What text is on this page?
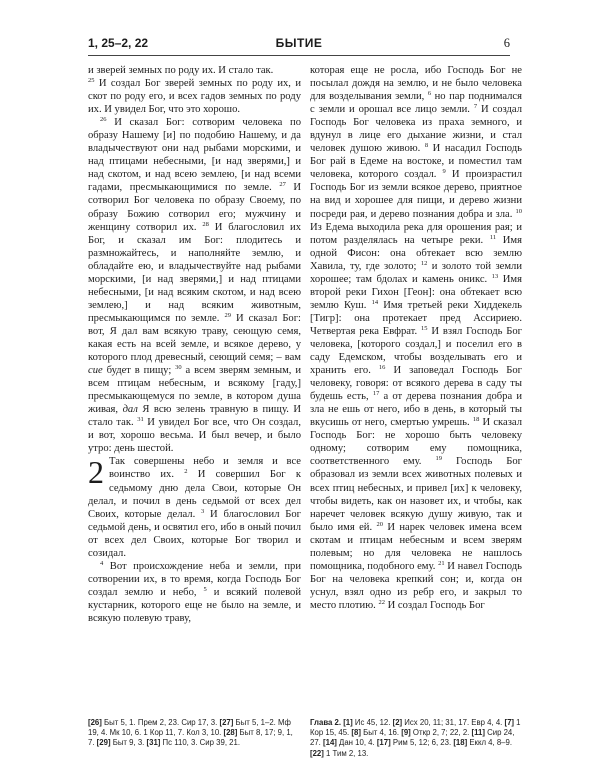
1, 25–2, 22	БЫТИЕ	6

и зверей земных по роду их. И стало так.

$^{25}$ И создал Бог зверей земных по роду их, и скот по роду его, и всех гадов земных по роду их. И увидел Бог, что это хорошо.

$^{26}$ И сказал Бог: сотворим человека по образу Нашему [и] по подобию Нашему, и да владычествуют они над рыбами морскими, и над птицами небесными, [и над зверями,] и над скотом, и над всею землею, [и над всеми гадами, пресмыкающимися по земле. $^{27}$ И сотворил Бог человека по образу Своему, по образу Божию сотворил его; мужчину и женщину сотворил их. $^{28}$ И благословил их Бог, и сказал им Бог: плодитесь и размножайтесь, и наполняйте землю, и обладайте ею, и владычествуйте над рыбами морскими, [и над зверями,] и над птицами небесными, [и над всяким скотом, и над всею землею,] и над всяким животным, пресмыкающимся по земле. $^{29}$ И сказал Бог: вот, Я дал вам всякую траву, сеющую семя, какая есть на всей земле, и всякое дерево, у которого плод древесный, сеющий семя; – вам сие будет в пищу; $^{30}$ а всем зверям земным, и всем птицам небесным, и всякому [гаду,] пресмыкающемуся по земле, в котором душа живая, дал Я всю зелень травную в пищу. И стало так. $^{31}$ И увидел Бог все, что Он создал, и вот, хорошо весьма. И был вечер, и было утро: день шестой.

2 Так совершены небо и земля и все воинство их. $^2$ И совершил Бог к седьмому дню дела Свои, которые Он делал, и почил в день седьмой от всех дел Своих, которые делал. $^3$ И благословил Бог седьмой день, и освятил его, ибо в оный почил от всех дел Своих, которые Бог творил и созидал.

$^4$ Вот происхождение неба и земли, при сотворении их, в то время, когда Господь Бог создал землю и небо, $^5$ и всякий полевой кустарник, которого еще не было на земле, и всякую полевую траву,

которая еще не росла, ибо Господь Бог не посылал дождя на землю, и не было человека для возделывания земли, $^6$ но пар поднимался с земли и орошал все лицо земли. $^7$ И создал Господь Бог человека из праха земного, и вдунул в лице его дыхание жизни, и стал человек душою живою. $^8$ И насадил Господь Бог рай в Едеме на востоке, и поместил там человека, которого создал. $^9$ И произрастил Господь Бог из земли всякое дерево, приятное на вид и хорошее для пищи, и дерево жизни посреди рая, и дерево познания добра и зла. $^{10}$ Из Едема выходила река для орошения рая; и потом разделялась на четыре реки. $^{11}$ Имя одной Фисон: она обтекает всю землю Хавила, ту, где золото; $^{12}$ и золото той земли хорошее; там бдолах и камень оникс. $^{13}$ Имя второй реки Гихон [Геон]: она обтекает всю землю Куш. $^{14}$ Имя третьей реки Хиддекель [Тигр]: она протекает пред Ассириею. Четвертая река Евфрат. $^{15}$ И взял Господь Бог человека, [которого создал,] и поселил его в саду Едемском, чтобы возделывать его и хранить его. $^{16}$ И заповедал Господь Бог человеку, говоря: от всякого дерева в саду ты будешь есть, $^{17}$ а от дерева познания добра и зла не ешь от него, ибо в день, в который ты вкусишь от него, смертью умрешь. $^{18}$ И сказал Господь Бог: не хорошо быть человеку одному; сотворим ему помощника, соответственного ему. $^{19}$ Господь Бог образовал из земли всех животных полевых и всех птиц небесных, и привел [их] к человеку, чтобы видеть, как он назовет их, и чтобы, как наречет человек всякую душу живую, так и было имя ей. $^{20}$ И нарек человек имена всем скотам и птицам небесным и всем зверям полевым; но для человека не нашлось помощника, подобного ему. $^{21}$ И навел Господь Бог на человека крепкий сон; и, когда он уснул, взял одно из ребр его, и закрыл то место плотию. $^{22}$ И создал Господь Бог

[26] Быт 5, 1. Прем 2, 23. Сир 17, 3. [27] Быт 5, 1–2. Мф 19, 4. Мк 10, 6. 1 Кор 11, 7. Кол 3, 10. [28] Быт 8, 17; 9, 1, 7. [29] Быт 9, 3. [31] Пс 110, 3. Сир 39, 21.
Глава 2. [1] Ис 45, 12. [2] Исх 20, 11; 31, 17. Евр 4, 4. [7] 1 Кор 15, 45. [8] Быт 4, 16. [9] Откр 2, 7; 22, 2. [11] Сир 24, 27. [14] Дан 10, 4. [17] Рим 5, 12; 6, 23. [18] Еккл 4, 8–9. [22] 1 Тим 2, 13.
